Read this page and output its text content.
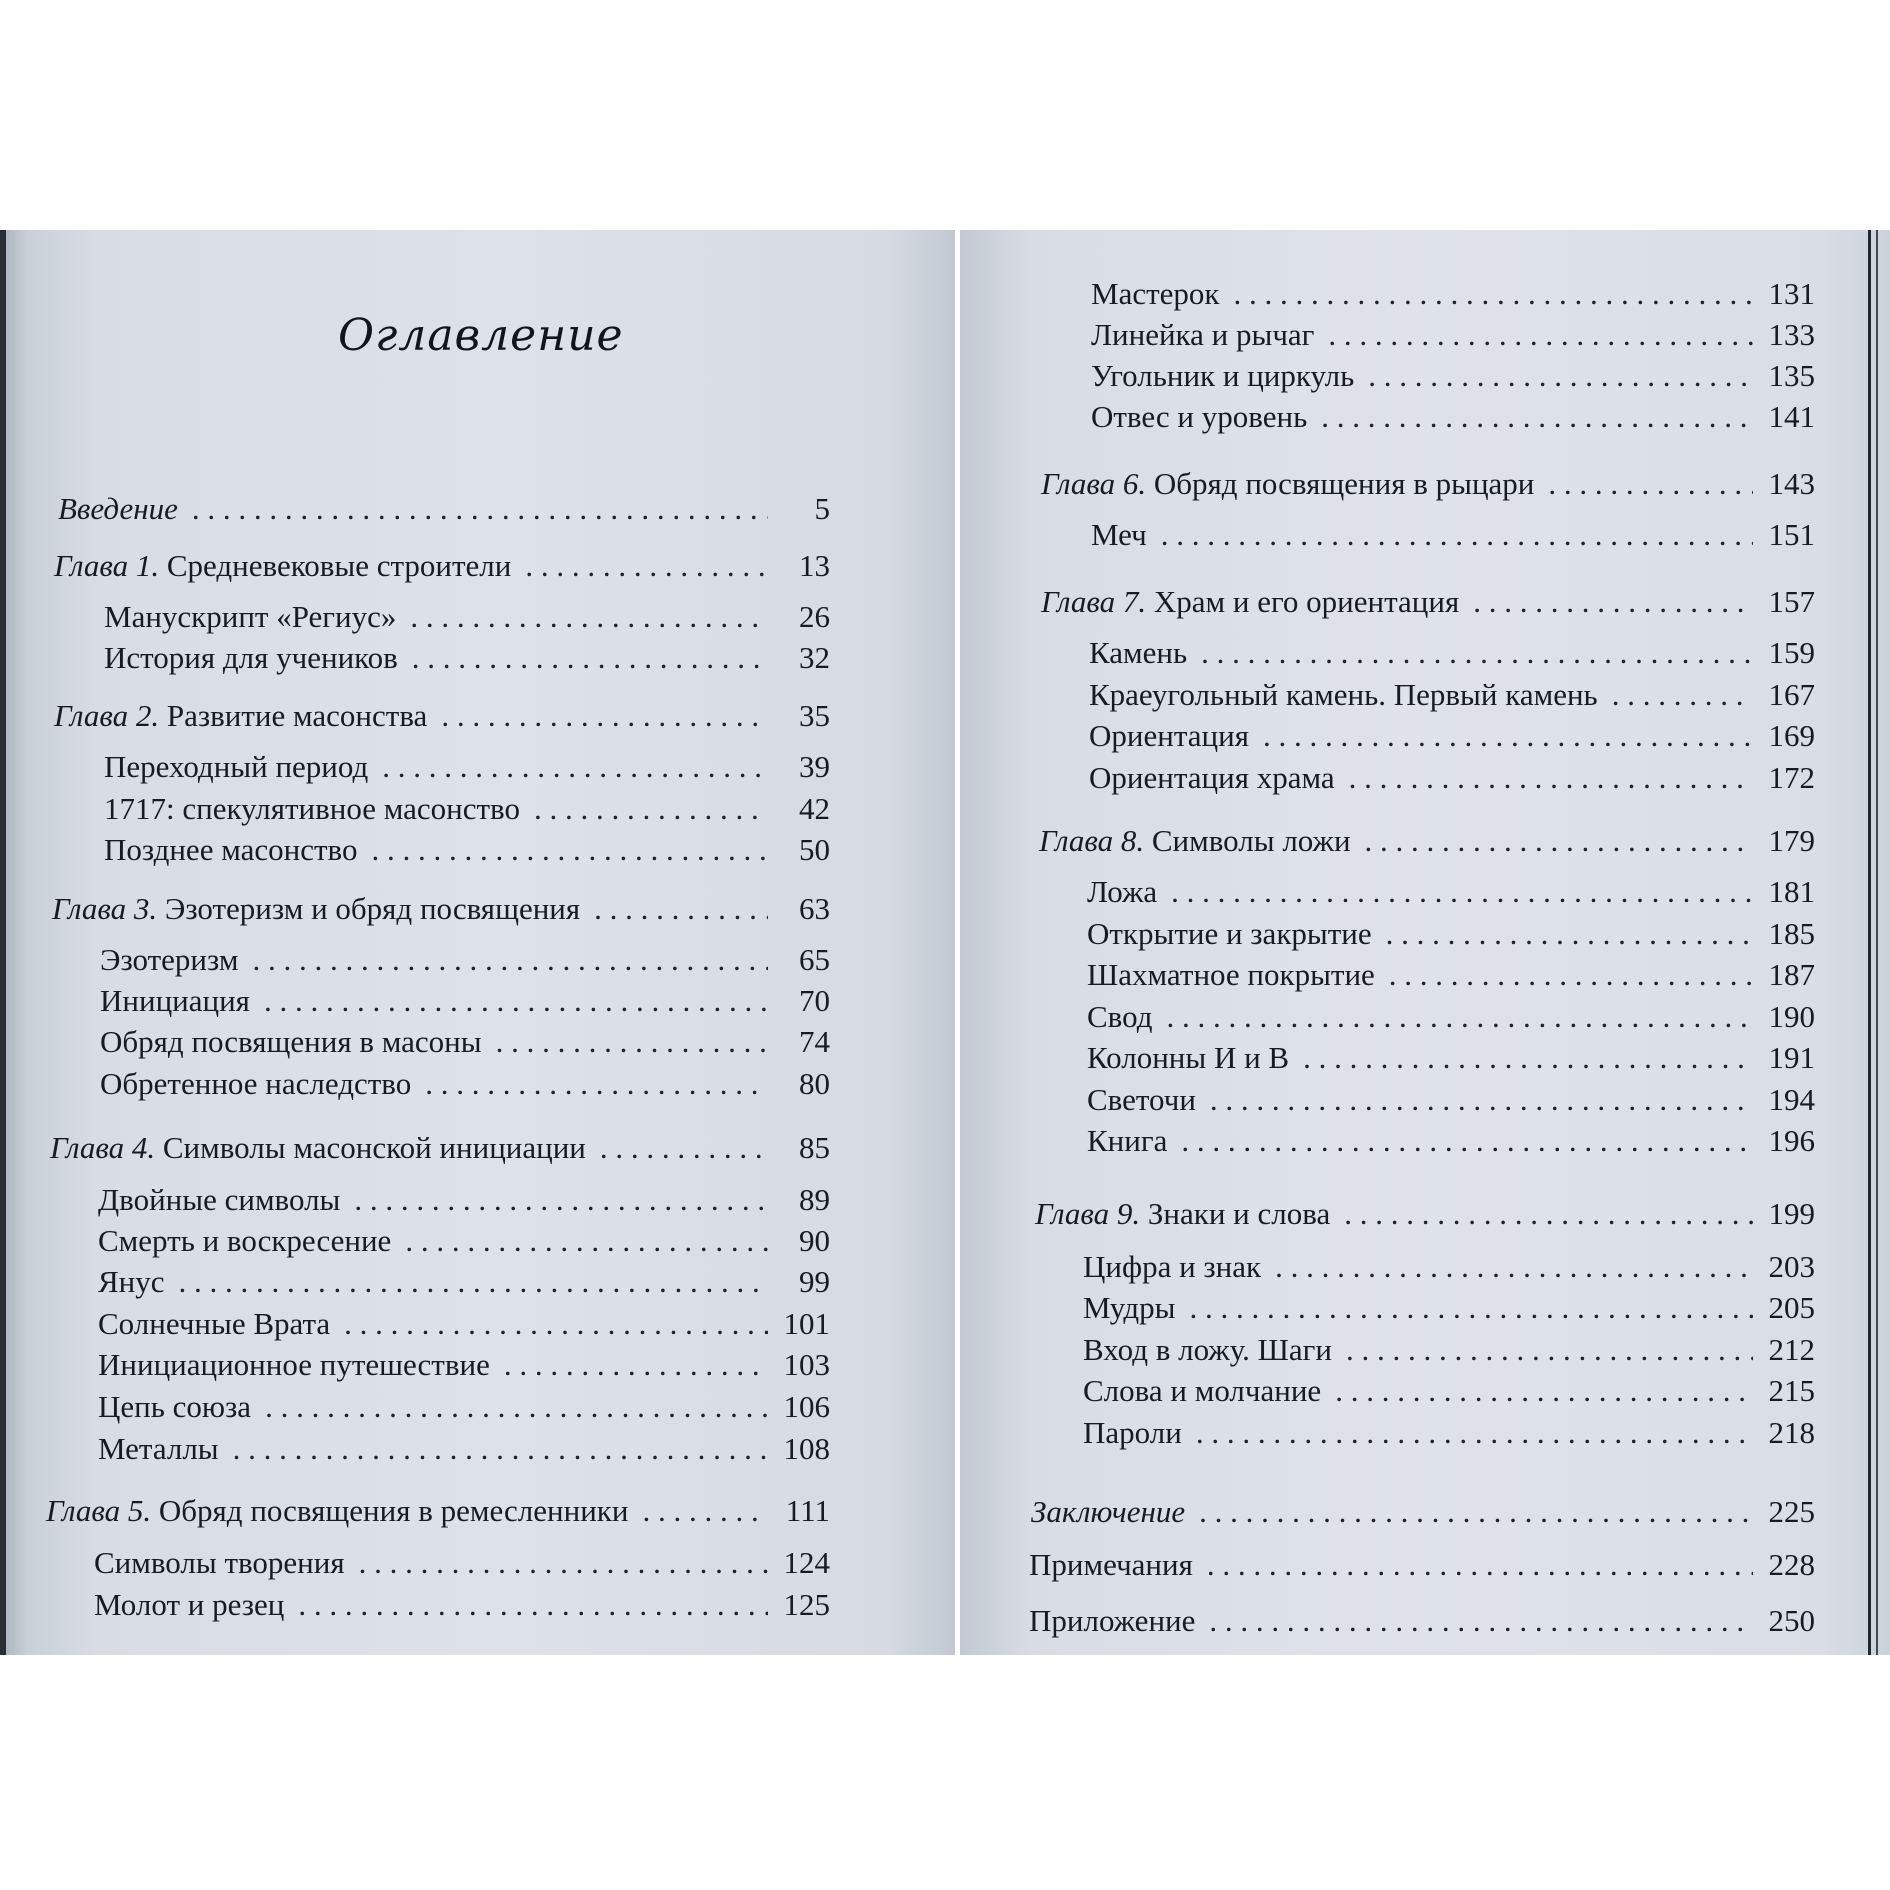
Оглавление
Введение . . .	5
Глава 1. Средневековые строители . . .	13
Манускрипт «Региус» . . .	26
История для учеников . . .	32
Глава 2. Развитие масонства . . .	35
Переходный период . . .	39
1717: спекулятивное масонство . . .	42
Позднее масонство . . .	50
Глава 3. Эзотеризм и обряд посвящения . . .	63
Эзотеризм . . .	65
Инициация . . .	70
Обряд посвящения в масоны . . .	74
Обретенное наследство . . .	80
Глава 4. Символы масонской инициации . . .	85
Двойные символы . . .	89
Смерть и воскресение . . .	90
Янус . . .	99
Солнечные Врата . . .	101
Инициационное путешествие . . .	103
Цепь союза . . .	106
Металлы . . .	108
Глава 5. Обряд посвящения в ремесленники . . .	111
Символы творения . . .	124
Молот и резец . . .	125
Мастерок . . .	131
Линейка и рычаг . . .	133
Угольник и циркуль . . .	135
Отвес и уровень . . .	141
Глава 6. Обряд посвящения в рыцари . . .	143
Меч . . .	151
Глава 7. Храм и его ориентация . . .	157
Камень . . .	159
Краеугольный камень. Первый камень . . .	167
Ориентация . . .	169
Ориентация храма . . .	172
Глава 8. Символы ложи . . .	179
Ложа . . .	181
Открытие и закрытие . . .	185
Шахматное покрытие . . .	187
Свод . . .	190
Колонны И и В . . .	191
Светочи . . .	194
Книга . . .	196
Глава 9. Знаки и слова . . .	199
Цифра и знак . . .	203
Мудры . . .	205
Вход в ложу. Шаги . . .	212
Слова и молчание . . .	215
Пароли . . .	218
Заключение . . .	225
Примечания . . .	228
Приложение . . .	250
